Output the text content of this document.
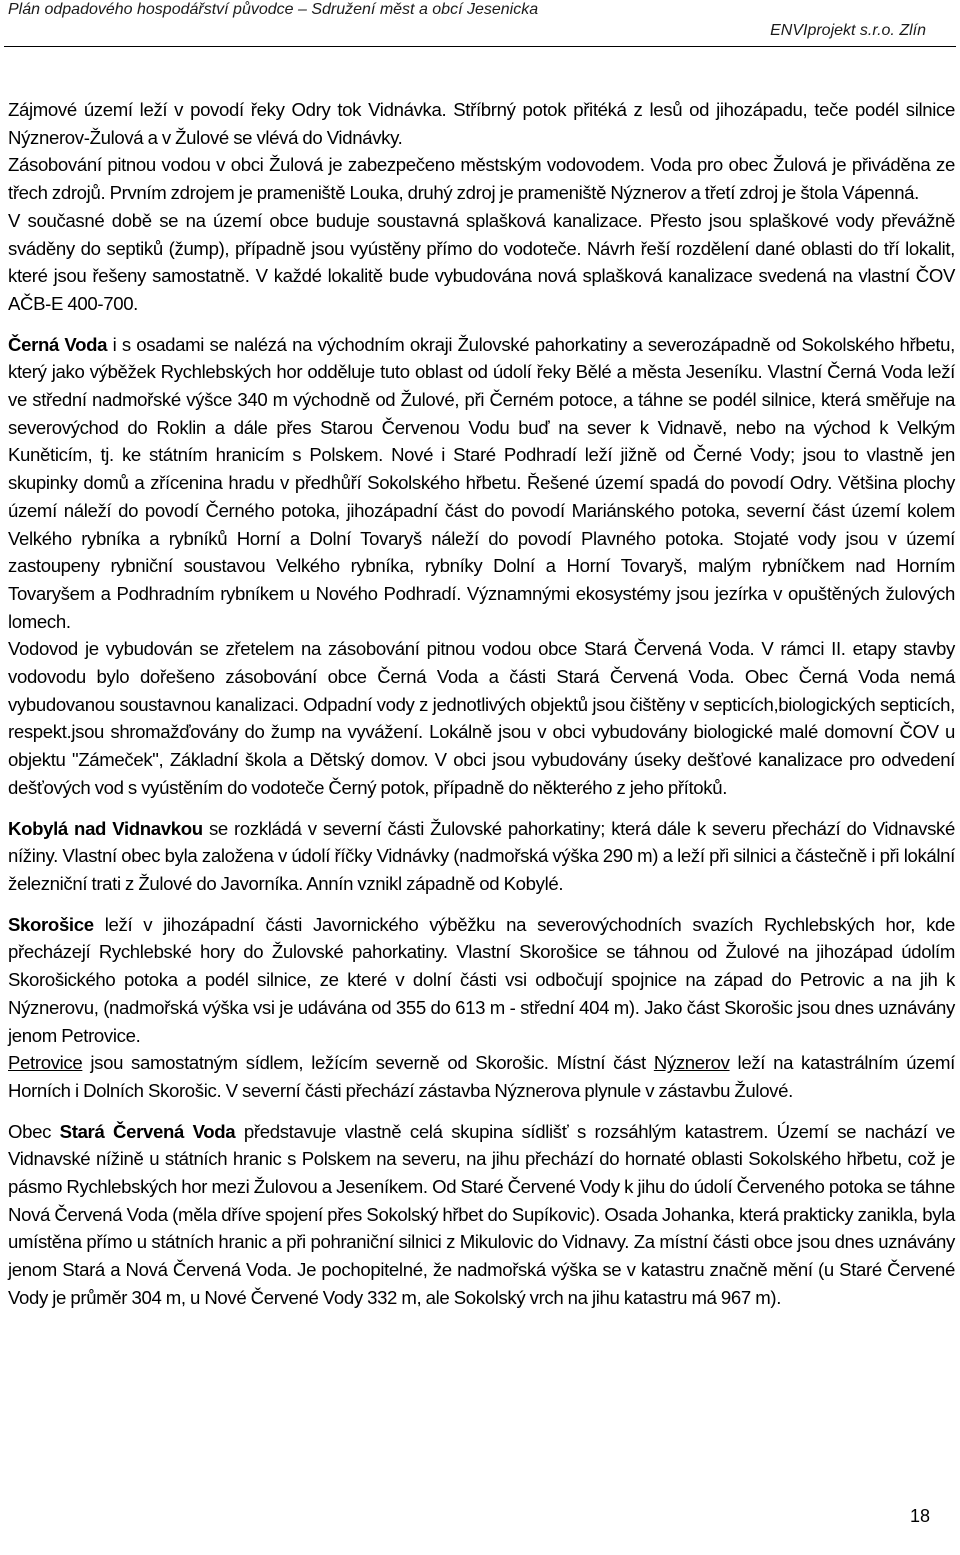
Plán odpadového hospodářství původce – Sdružení měst a obcí Jesenicka
ENVIprojekt s.r.o. Zlín

Zájmové území leží v povodí řeky Odry tok Vidnávka. Stříbrný potok přitéká z lesů od jihozápadu, teče podél silnice Nýznerov-Žulová a v Žulové se vlévá do Vidnávky.

Zásobování pitnou vodou v obci Žulová je zabezpečeno městským vodovodem. Voda pro obec Žulová je přiváděna ze třech zdrojů. Prvním zdrojem je prameniště Louka, druhý zdroj je prameniště Nýznerov a třetí zdroj je štola Vápenná.

V současné době se na území obce buduje soustavná splašková kanalizace. Přesto jsou splaškové vody převážně sváděny do septiků (žump), případně jsou vyústěny přímo do vodoteče. Návrh řeší rozdělení dané oblasti do tří lokalit, které jsou řešeny samostatně. V každé lokalitě bude vybudována nová splašková kanalizace svedená na vlastní ČOV AČB-E 400-700.

Černá Voda i s osadami se nalézá na východním okraji Žulovské pahorkatiny a severozápadně od Sokolského hřbetu, který jako výběžek Rychlebských hor odděluje tuto oblast od údolí řeky Bělé a města Jeseníku. Vlastní Černá Voda leží ve střední nadmořské výšce 340 m východně od Žulové, při Černém potoce, a táhne se podél silnice, která směřuje na severovýchod do Roklin a dále přes Starou Červenou Vodu buď na sever k Vidnavě, nebo na východ k Velkým Kuněticím, tj. ke státním hranicím s Polskem. Nové i Staré Podhradí leží jižně od Černé Vody; jsou to vlastně jen skupinky domů a zřícenina hradu v předhůří Sokolského hřbetu. Řešené území spadá do povodí Odry. Většina plochy území náleží do povodí Černého potoka, jihozápadní část do povodí Mariánského potoka, severní část území kolem Velkého rybníka a rybníků Horní a Dolní Tovaryš náleží do povodí Plavného potoka. Stojaté vody jsou v území zastoupeny rybniční soustavou Velkého rybníka, rybníky Dolní a Horní Tovaryš, malým rybníčkem nad Horním Tovaryšem a Podhradním rybníkem u Nového Podhradí. Významnými ekosystémy jsou jezírka v opuštěných žulových lomech.

Vodovod je vybudován se zřetelem na zásobování pitnou vodou obce Stará Červená Voda. V rámci II. etapy stavby vodovodu bylo dořešeno zásobování obce Černá Voda a části Stará Červená Voda. Obec Černá Voda nemá vybudovanou soustavnou kanalizaci. Odpadní vody z jednotlivých objektů jsou čištěny v septicích,biologických septicích, respekt.jsou shromažďovány do žump na vyvážení. Lokálně jsou v obci vybudovány biologické malé domovní ČOV u objektu "Zámeček", Základní škola a Dětský domov. V obci jsou vybudovány úseky dešťové kanalizace pro odvedení dešťových vod s vyústěním do vodoteče Černý potok, případně do některého z jeho přítoků.

Kobylá nad Vidnavkou se rozkládá v severní části Žulovské pahorkatiny; která dále k severu přechází do Vidnavské nížiny. Vlastní obec byla založena v údolí říčky Vidnávky (nadmořská výška 290 m) a leží při silnici a částečně i při lokální železniční trati z Žulové do Javorníka. Annín vznikl západně od Kobylé.

Skorošice leží v jihozápadní části Javornického výběžku na severovýchodních svazích Rychlebských hor, kde přecházejí Rychlebské hory do Žulovské pahorkatiny. Vlastní Skorošice se táhnou od Žulové na jihozápad údolím Skorošického potoka a podél silnice, ze které v dolní části vsi odbočují spojnice na západ do Petrovic a na jih k Nýznerovu, (nadmořská výška vsi je udávána od 355 do 613 m - střední 404 m). Jako část Skorošic jsou dnes uznávány jenom Petrovice.

Petrovice jsou samostatným sídlem, ležícím severně od Skorošic. Místní část Nýznerov leží na katastrálním území Horních i Dolních Skorošic. V severní části přechází zástavba Nýznerova plynule v zástavbu Žulové.

Obec Stará Červená Voda představuje vlastně celá skupina sídlišť s rozsáhlým katastrem. Území se nachází ve Vidnavské nížině u státních hranic s Polskem na severu, na jihu přechází do hornaté oblasti Sokolského hřbetu, což je pásmo Rychlebských hor mezi Žulovou a Jeseníkem. Od Staré Červené Vody k jihu do údolí Červeného potoka se táhne Nová Červená Voda (měla dříve spojení přes Sokolský hřbet do Supíkovic). Osada Johanka, která prakticky zanikla, byla umístěna přímo u státních hranic a při pohraniční silnici z Mikulovic do Vidnavy. Za místní části obce jsou dnes uznávány jenom Stará a Nová Červená Voda. Je pochopitelné, že nadmořská výška se v katastru značně mění (u Staré Červené Vody je průměr 304 m, u Nové Červené Vody 332 m, ale Sokolský vrch na jihu katastru má 967 m).

18
